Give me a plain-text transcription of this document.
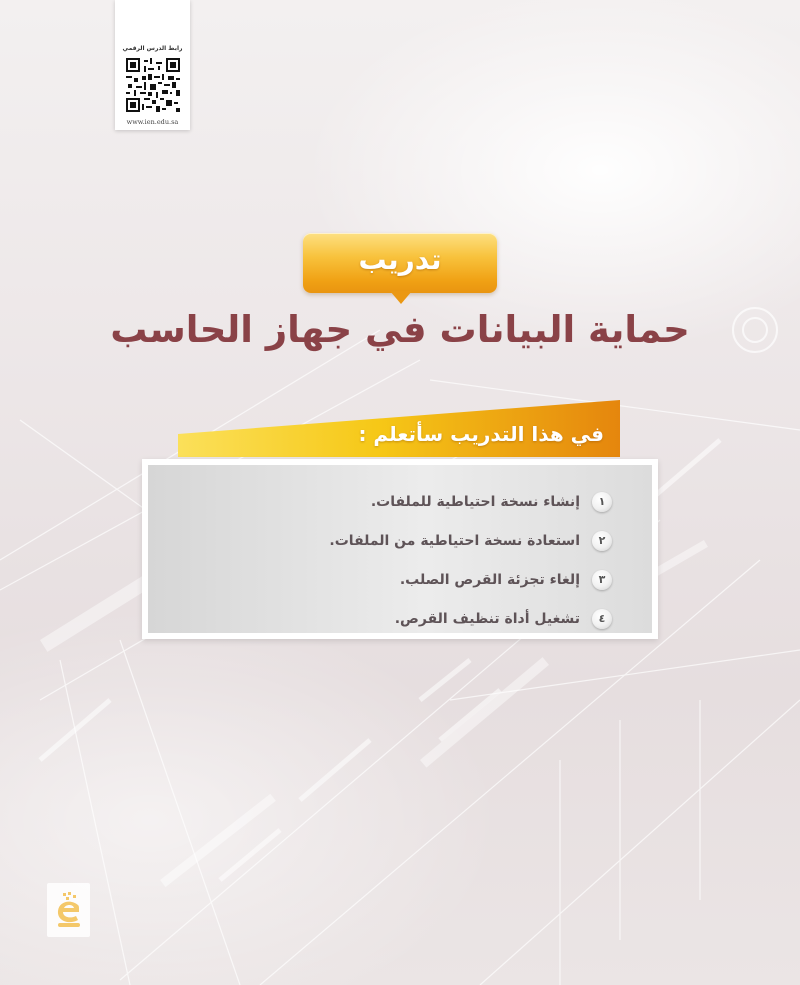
رابط الدرس الرقمي
www.ien.edu.sa
تدريب
حماية البيانات في جهاز الحاسب
في هذا التدريب سأتعلم :
١
إنشاء نسخة احتياطية للملفات.
٢
استعادة نسخة احتياطية من الملفات.
٣
إلغاء تجزئة القرص الصلب.
٤
تشغيل أداة تنظيف القرص.
